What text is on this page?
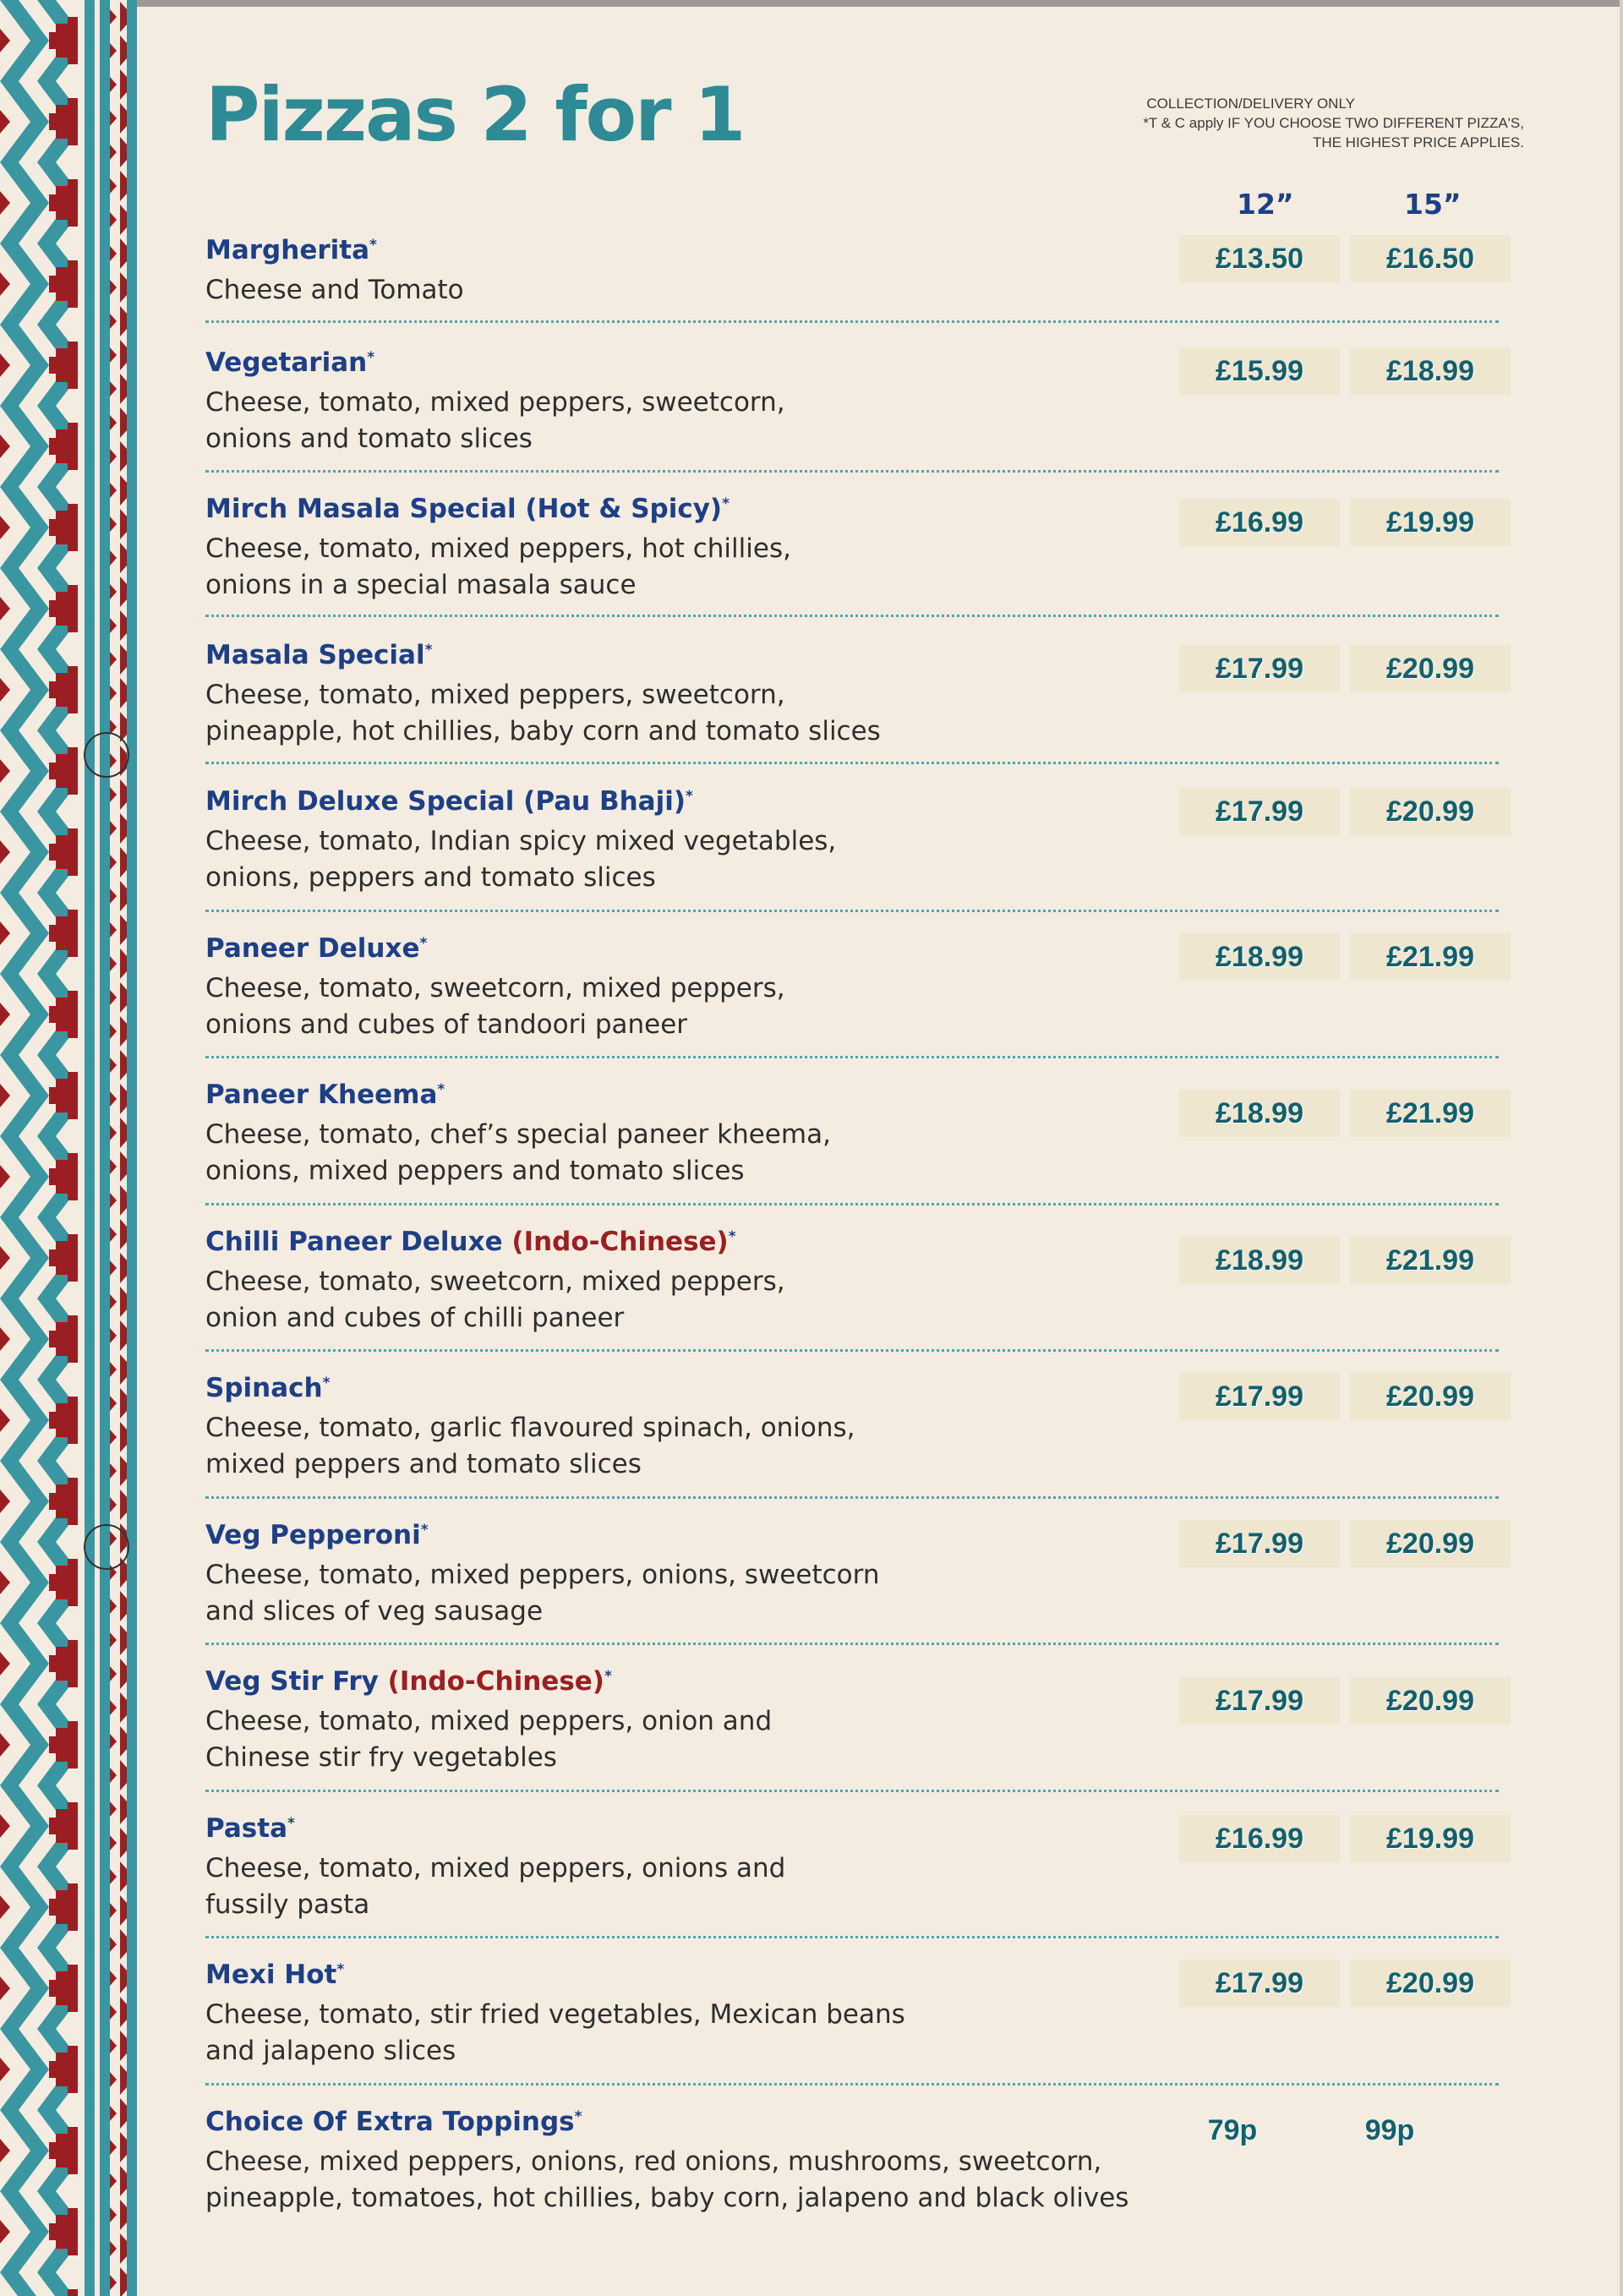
Pizzas 2 for 1	COLLECTION/DELIVERY ONLY
*T & C apply IF YOU CHOOSE TWO DIFFERENT PIZZA'S,
THE HIGHEST PRICE APPLIES.
12”	15”
Margherita*
Cheese and Tomato
£13.50	£16.50
Vegetarian*
Cheese, tomato, mixed peppers, sweetcorn,
onions and tomato slices
£15.99	£18.99
Mirch Masala Special (Hot & Spicy)*
Cheese, tomato, mixed peppers, hot chillies,
onions in a special masala sauce
£16.99	£19.99
Masala Special*
Cheese, tomato, mixed peppers, sweetcorn,
pineapple, hot chillies, baby corn and tomato slices
£17.99	£20.99
Mirch Deluxe Special (Pau Bhaji)*
Cheese, tomato, Indian spicy mixed vegetables,
onions, peppers and tomato slices
£17.99	£20.99
Paneer Deluxe*
Cheese, tomato, sweetcorn, mixed peppers,
onions and cubes of tandoori paneer
£18.99	£21.99
Paneer Kheema*
Cheese, tomato, chef’s special paneer kheema,
onions, mixed peppers and tomato slices
£18.99	£21.99
Chilli Paneer Deluxe (Indo-Chinese)*
Cheese, tomato, sweetcorn, mixed peppers,
onion and cubes of chilli paneer
£18.99	£21.99
Spinach*
Cheese, tomato, garlic flavoured spinach, onions,
mixed peppers and tomato slices
£17.99	£20.99
Veg Pepperoni*
Cheese, tomato, mixed peppers, onions, sweetcorn
and slices of veg sausage
£17.99	£20.99
Veg Stir Fry (Indo-Chinese)*
Cheese, tomato, mixed peppers, onion and
Chinese stir fry vegetables
£17.99	£20.99
Pasta*
Cheese, tomato, mixed peppers, onions and
fussily pasta
£16.99	£19.99
Mexi Hot*
Cheese, tomato, stir fried vegetables, Mexican beans
and jalapeno slices
£17.99	£20.99
Choice Of Extra Toppings*
Cheese, mixed peppers, onions, red onions, mushrooms, sweetcorn,
pineapple, tomatoes, hot chillies, baby corn, jalapeno and black olives
79p	99p
